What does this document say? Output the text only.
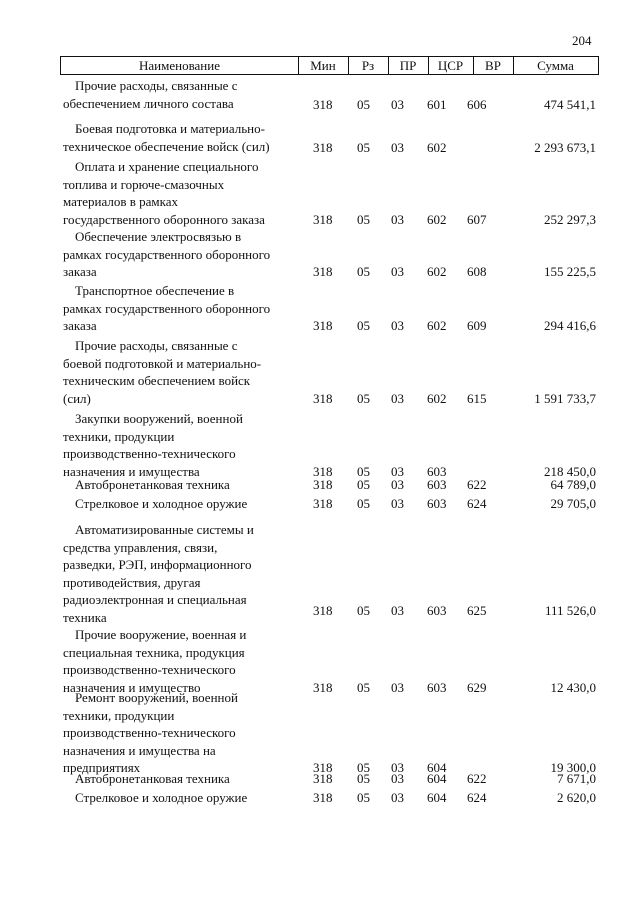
204
Наименование	Мин	Рз	ПР	ЦСР	ВР	Сумма
Прочие расходы, связанные с
обеспечением личного состава	318 05 03 601 606	474 541,1
Боевая подготовка и материально-
техническое обеспечение войск (сил)	318 05 03 602	2 293 673,1
Оплата и хранение специального
топлива и горюче-смазочных
материалов в рамках
государственного оборонного заказа	318 05 03 602 607	252 297,3
Обеспечение электросвязью в
рамках государственного оборонного
заказа	318 05 03 602 608	155 225,5
Транспортное обеспечение в
рамках государственного оборонного
заказа	318 05 03 602 609	294 416,6
Прочие расходы, связанные с
боевой подготовкой и материально-
техническим обеспечением войск
(сил)	318 05 03 602 615	1 591 733,7
Закупки вооружений, военной
техники, продукции
производственно-технического
назначения и имущества	318 05 03 603	218 450,0
Автобронетанковая техника	318 05 03 603 622	64 789,0
Стрелковое и холодное оружие	318 05 03 603 624	29 705,0
Автоматизированные системы и
средства управления, связи,
разведки, РЭП, информационного
противодействия, другая
радиоэлектронная и специальная
техника	318 05 03 603 625	111 526,0
Прочие вооружение, военная и
специальная техника, продукция
производственно-технического
назначения и имущество	318 05 03 603 629	12 430,0
Ремонт вооружений, военной
техники, продукции
производственно-технического
назначения и имущества на
предприятиях	318 05 03 604	19 300,0
Автобронетанковая техника	318 05 03 604 622	7 671,0
Стрелковое и холодное оружие	318 05 03 604 624	2 620,0
